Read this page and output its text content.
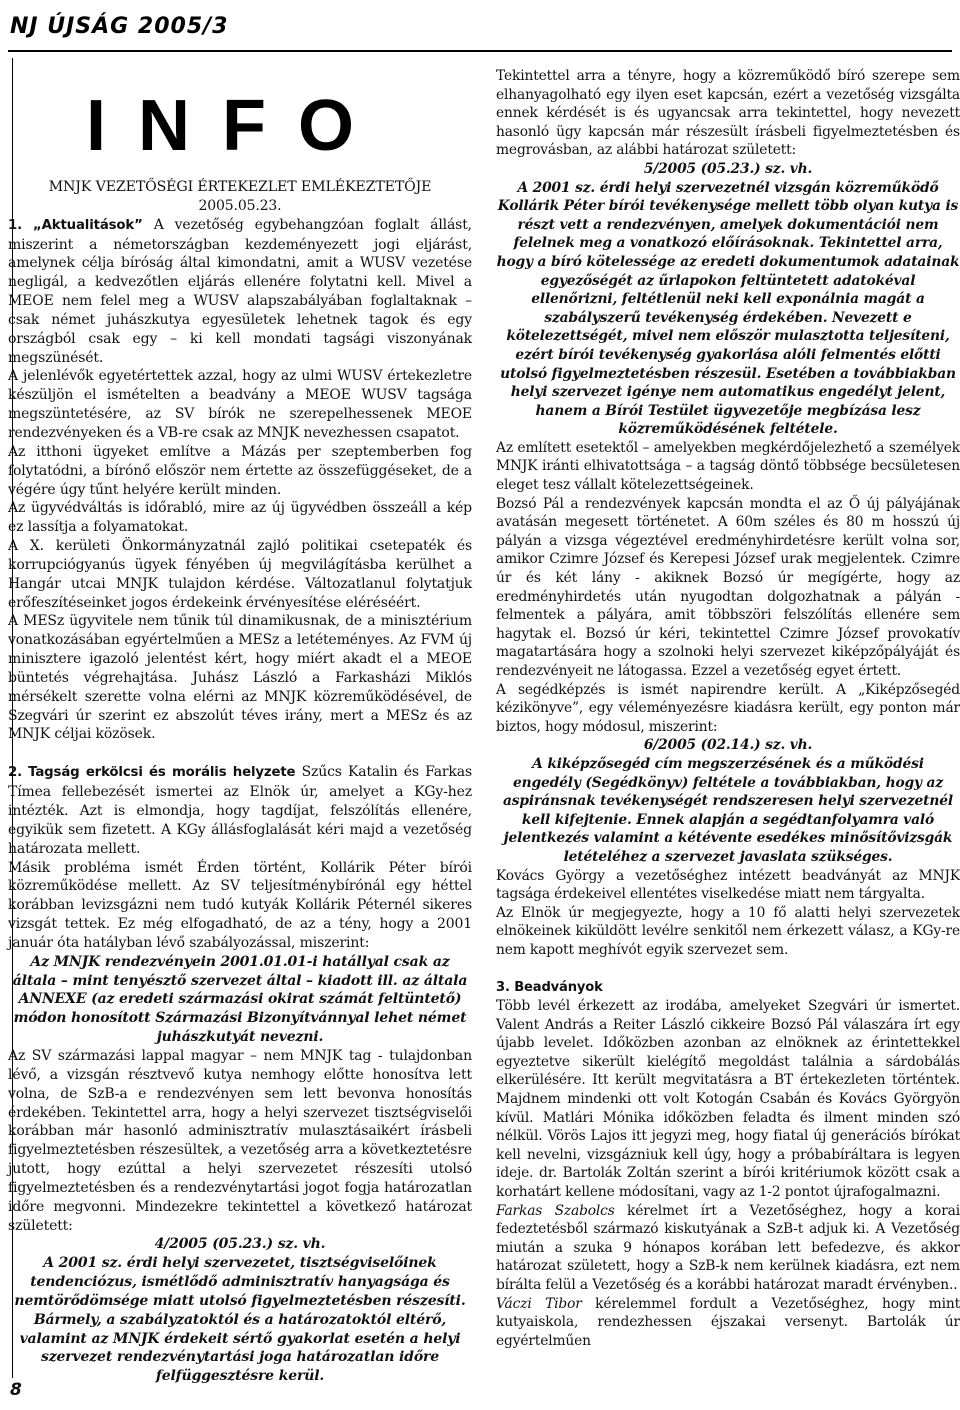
NJ ÚJSÁG 2005/3
8
I N F O

MNJK VEZETŐSÉGI ÉRTEKEZLET EMLÉKEZTETŐJE

2005.05.23.

1. „Aktualitások” A vezetőség egybehangzóan foglalt állást, miszerint a németországban kezdeményezett jogi eljárást, amelynek célja bíróság által kimondatni, amit a WUSV vezetése negligál, a kedvezőtlen eljárás ellenére folytatni kell. Mivel a MEOE nem felel meg a WUSV alapszabályában foglaltaknak – csak német juhászkutya egyesületek lehetnek tagok és egy országból csak egy – ki kell mondati tagsági viszonyának megszünését.

A jelenlévők egyetértettek azzal, hogy az ulmi WUSV értekezletre készüljön el ismételten a beadvány a MEOE WUSV tagsága megszüntetésére, az SV bírók ne szerepelhessenek MEOE rendezvényeken és a VB-re csak az MNJK nevezhessen csapatot.

Az itthoni ügyeket említve a Mázás per szeptemberben fog folytatódni, a bírónő először nem értette az összefüggéseket, de a végére úgy tűnt helyére került minden.

Az ügyvédváltás is időrabló, mire az új ügyvédben összeáll a kép ez lassítja a folyamatokat.

A X. kerületi Önkormányzatnál zajló politikai csetepaték és korrupciógyanús ügyek fényében új megvilágításba kerülhet a Hangár utcai MNJK tulajdon kérdése. Változatlanul folytatjuk erőfeszítéseinket jogos érdekeink érvényesítése eléréséért.

A MESz ügyvitele nem tűnik túl dinamikusnak, de a minisztérium vonatkozásában egyértelműen a MESz a letéteményes. Az FVM új minisztere igazoló jelentést kért, hogy miért akadt el a MEOE büntetés végrehajtása. Juhász László a Farkasházi Miklós mérsékelt szerette volna elérni az MNJK közreműködésével, de Szegvári úr szerint ez abszolút téves irány, mert a MESz és az MNJK céljai közösek.

2. Tagság erkölcsi és morális helyzete Szűcs Katalin és Farkas Tímea fellebezését ismertei az Elnök úr, amelyet a KGy-hez intézték. Azt is elmondja, hogy tagdíjat, felszólítás ellenére, egyikük sem fizetett. A KGy állásfoglalását kéri majd a vezetőség határozata mellett.

Másik probléma ismét Érden történt, Kollárik Péter bírói közreműködése mellett. Az SV teljesítménybírónál egy héttel korábban levizsgázni nem tudó kutyák Kollárik Péternél sikeres vizsgát tettek. Ez még elfogadható, de az a tény, hogy a 2001 január óta hatályban lévő szabályozással, miszerint:

Az MNJK rendezvényein 2001.01.01-i hatállyal csak az általa – mint tenyésztő szervezet által – kiadott ill. az általa ANNEXE (az eredeti származási okirat számát feltüntető) módon honosított Származási Bizonyítvánnyal lehet német juhászkutyát nevezni.

Az SV származási lappal magyar – nem MNJK tag - tulajdonban lévő, a vizsgán résztvevő kutya nemhogy előtte honosítva lett volna, de SzB-a e rendezvényen sem lett bevonva honosítás érdekében. Tekintettel arra, hogy a helyi szervezet tisztségviselői korábban már hasonló adminisztratív mulasztásaikért írásbeli figyelmeztetésben részesültek, a vezetőség arra a következtetésre jutott, hogy ezúttal a helyi szervezetet részesíti utolsó figyelmeztetésben és a rendezvénytartási jogot fogja határozatlan időre megvonni. Mindezekre tekintettel a következő határozat született:

4/2005 (05.23.) sz. vh.

A 2001 sz. érdi helyi szervezetet, tisztségviselőinek tendenciózus, ismétlődő adminisztratív hanyagsága és nemtörődömsége miatt utolsó figyelmeztetésben részesíti. Bármely, a szabályzatoktól és a határozatoktól eltérő, valamint az MNJK érdekeit sértő gyakorlat esetén a helyi szervezet rendezvénytartási joga határozatlan időre felfüggesztésre kerül.

Tekintettel arra a tényre, hogy a közreműködő bíró szerepe sem elhanyagolható egy ilyen eset kapcsán, ezért a vezetőség vizsgálta ennek kérdését is és ugyancsak arra tekintettel, hogy nevezett hasonló ügy kapcsán már részesült írásbeli figyelmeztetésben és megrovásban, az alábbi határozat született:

5/2005 (05.23.) sz. vh.

A 2001 sz. érdi helyi szervezetnél vizsgán közreműködő Kollárik Péter bírói tevékenysége mellett több olyan kutya is részt vett a rendezvényen, amelyek dokumentációi nem felelnek meg a vonatkozó előírásoknak. Tekintettel arra, hogy a bíró kötelessége az eredeti dokumentumok adatainak egyezőségét az űrlapokon feltüntetett adatokéval ellenőrizni, feltétlenül neki kell exponálnia magát a szabályszerű tevékenység érdekében. Nevezett e kötelezettségét, mivel nem először mulasztotta teljesíteni, ezért bírói tevékenység gyakorlása alóli felmentés előtti utolsó figyelmeztetésben részesül. Esetében a továbbiakban helyi szervezet igénye nem automatikus engedélyt jelent, hanem a Bírói Testület ügyvezetője megbízása lesz közreműködésének feltétele.

Az említett esetektől – amelyekben megkérdőjelezhető a személyek MNJK iránti elhivatottsága – a tagság döntő többsége becsületesen eleget tesz vállalt kötelezettségeinek.

Bozsó Pál a rendezvények kapcsán mondta el az Ő új pályájának avatásán megesett történetet. A 60m széles és 80 m hosszú új pályán a vizsga végeztével eredményhirdetésre került volna sor, amikor Czimre József és Kerepesi József urak megjelentek. Czimre úr és két lány - akiknek Bozsó úr megígérte, hogy az eredményhirdetés után nyugodtan dolgozhatnak a pályán - felmentek a pályára, amit többszöri felszólítás ellenére sem hagytak el. Bozsó úr kéri, tekintettel Czimre József provokatív magatartására hogy a szolnoki helyi szervezet kiképzőpályáját és rendezvényeit ne látogassa. Ezzel a vezetőség egyet értett.

A segédképzés is ismét napirendre került. A „Kiképzősegéd kézikönyve”, egy véleményezésre kiadásra került, egy ponton már biztos, hogy módosul, miszerint:

6/2005 (02.14.) sz. vh.

A kiképzősegéd cím megszerzésének és a működési engedély (Segédkönyv) feltétele a továbbiakban, hogy az aspiránsnak tevékenységét rendszeresen helyi szervezetnél kell kifejtenie. Ennek alapján a segédtanfolyamra való jelentkezés valamint a kétévente esedékes minősítővizsgák letételéhez a szervezet javaslata szükséges.

Kovács György a vezetőséghez intézett beadványát az MNJK tagsága érdekeivel ellentétes viselkedése miatt nem tárgyalta.

Az Elnök úr megjegyezte, hogy a 10 fő alatti helyi szervezetek elnökeinek kiküldött levélre senkitől nem érkezett válasz, a KGy-re nem kapott meghívót egyik szervezet sem.

3. Beadványok

Több levél érkezett az irodába, amelyeket Szegvári úr ismertet. Valent András a Reiter László cikkeire Bozsó Pál válaszára írt egy újabb levelet. Időközben azonban az elnöknek az érintettekkel egyeztetve sikerült kielégítő megoldást találnia a sárdobálás elkerülésére. Itt került megvitatásra a BT értekezleten történtek. Majdnem mindenki ott volt Kotogán Csabán és Kovács Györgyön kívül. Matlári Mónika időközben feladta és ilment minden szó nélkül. Vörös Lajos itt jegyzi meg, hogy fiatal új generációs bírókat kell nevelni, vizsgázniuk kell úgy, hogy a próbabíráltara is legyen ideje. dr. Bartolák Zoltán szerint a bírói kritériumok között csak a korhatárt kellene módosítani, vagy az 1-2 pontot újrafogalmazni.

Farkas Szabolcs kérelmet írt a Vezetőséghez, hogy a korai fedeztetésből származó kiskutyának a SzB-t adjuk ki. A Vezetőség miután a szuka 9 hónapos korában lett befedezve, és akkor határozat született, hogy a SzB-k nem kerülnek kiadásra, ezt nem bírálta felül a Vezetőség és a korábbi határozat maradt érvényben..

Váczi Tibor kérelemmel fordult a Vezetőséghez, hogy mint kutyaiskola, rendezhessen éjszakai versenyt. Bartolák úr egyértelműen
